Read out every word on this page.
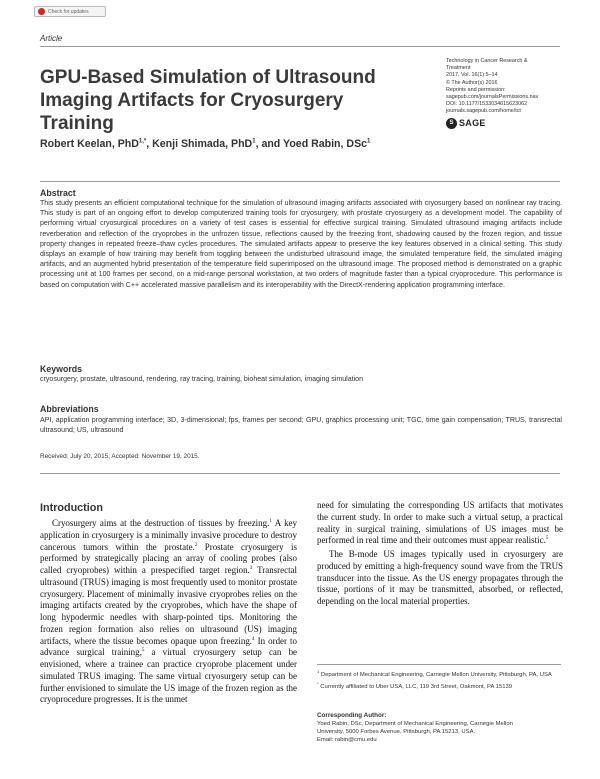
Check for updates
Article
GPU-Based Simulation of Ultrasound
Imaging Artifacts for Cryosurgery Training
Technology in Cancer Research &
Treatment
2017, Vol. 16(1) 5–14
© The Author(s) 2016
Reprints and permission:
sagepub.com/journalsPermissions.nav
DOI: 10.1177/1533034615623062
journals.sagepub.com/home/tct
S SAGE
Robert Keelan, PhD$^{1,*}$, Kenji Shimada, PhD$^1$, and Yoed Rabin, DSc$^1$
Abstract
This study presents an efficient computational technique for the simulation of ultrasound imaging artifacts associated with cryosurgery based on nonlinear ray tracing. This study is part of an ongoing effort to develop computerized training tools for cryosurgery, with prostate cryosurgery as a development model. The capability of performing virtual cryosurgical procedures on a variety of test cases is essential for effective surgical training. Simulated ultrasound imaging artifacts include reverberation and reflection of the cryoprobes in the unfrozen tissue, reflections caused by the freezing front, shadowing caused by the frozen region, and tissue property changes in repeated freeze–thaw cycles procedures. The simulated artifacts appear to preserve the key features observed in a clinical setting. This study displays an example of how training may benefit from toggling between the undisturbed ultrasound image, the simulated temperature field, the simulated imaging artifacts, and an augmented hybrid presentation of the temperature field superimposed on the ultrasound image. The proposed method is demonstrated on a graphic processing unit at 100 frames per second, on a mid-range personal workstation, at two orders of magnitude faster than a typical cryoprocedure. This performance is based on computation with C++ accelerated massive parallelism and its interoperability with the DirectX-rendering application programming interface.
Keywords
cryosurgery, prostate, ultrasound, rendering, ray tracing, training, bioheat simulation, imaging simulation
Abbreviations
API, application programming interface; 3D, 3-dimensional; fps, frames per second; GPU, graphics processing unit; TGC, time gain compensation; TRUS, transrectal ultrasound; US, ultrasound
Received: July 20, 2015; Accepted: November 19, 2015.
Introduction
Cryosurgery aims at the destruction of tissues by freezing.$^1$ A key application in cryosurgery is a minimally invasive procedure to destroy cancerous tumors within the prostate.$^2$ Prostate cryosurgery is performed by strategically placing an array of cooling probes (also called cryoprobes) within a prespecified target region.$^3$ Transrectal ultrasound (TRUS) imaging is most frequently used to monitor prostate cryosurgery. Placement of minimally invasive cryoprobes relies on the imaging artifacts created by the cryoprobes, which have the shape of long hypodermic needles with sharp-pointed tips. Monitoring the frozen region formation also relies on ultrasound (US) imaging artifacts, where the tissue becomes opaque upon freezing.$^4$ In order to advance surgical training,$^5$ a virtual cryosurgery setup can be envisioned, where a trainee can practice cryoprobe placement under simulated TRUS imaging. The same virtual cryosurgery setup can be further envisioned to simulate the US image of the frozen region as the cryoprocedure progresses. It is the unmet
need for simulating the corresponding US artifacts that motivates the current study. In order to make such a virtual setup, a practical reality in surgical training, simulations of US images must be performed in real time and their outcomes must appear realistic.$^5$
The B-mode US images typically used in cryosurgery are produced by emitting a high-frequency sound wave from the TRUS transducer into the tissue. As the US energy propagates through the tissue, portions of it may be transmitted, absorbed, or reflected, depending on the local material properties.
$^1$ Department of Mechanical Engineering, Carnegie Mellon University, Pittsburgh, PA, USA
* Currently affiliated to Uber USA, LLC, 119 3rd Street, Oakmont, PA 15139
Corresponding Author:
Yoed Rabin, DSc, Department of Mechanical Engineering, Carnegie Mellon
University, 5000 Forbes Avenue, Pittsburgh, PA 15213, USA.
Email: rabin@cmu.edu
